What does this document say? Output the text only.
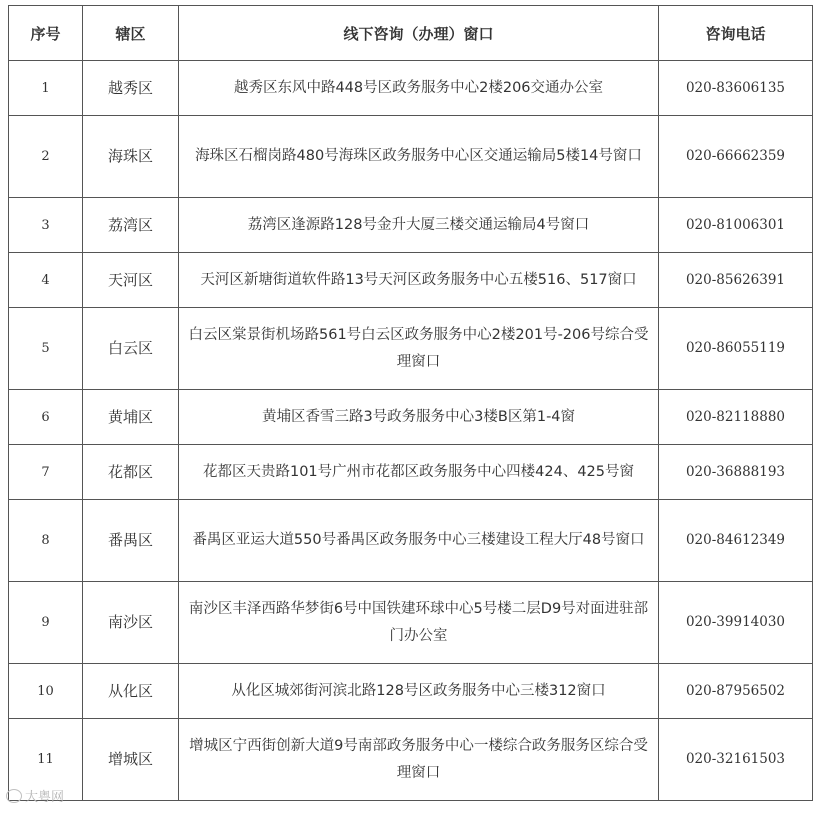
序号	辖区	线下咨询（办理）窗口	咨询电话
1	越秀区	越秀区东风中路448号区政务服务中心2楼206交通办公室	020-83606135
2	海珠区	海珠区石榴岗路480号海珠区政务服务中心区交通运输局5楼14号窗口	020-66662359
3	荔湾区	荔湾区逢源路128号金升大厦三楼交通运输局4号窗口	020-81006301
4	天河区	天河区新塘街道软件路13号天河区政务服务中心五楼516、517窗口	020-85626391
5	白云区	白云区棠景街机场路561号白云区政务服务中心2楼201号-206号综合受理窗口	020-86055119
6	黄埔区	黄埔区香雪三路3号政务服务中心3楼B区第1-4窗	020-82118880
7	花都区	花都区天贵路101号广州市花都区政务服务中心四楼424、425号窗	020-36888193
8	番禺区	番禺区亚运大道550号番禺区政务服务中心三楼建设工程大厅48号窗口	020-84612349
9	南沙区	南沙区丰泽西路华梦街6号中国铁建环球中心5号楼二层D9号对面进驻部门办公室	020-39914030
10	从化区	从化区城郊街河滨北路128号区政务服务中心三楼312窗口	020-87956502
11	增城区	增城区宁西街创新大道9号南部政务服务中心一楼综合政务服务区综合受理窗口	020-32161503
大粤网
